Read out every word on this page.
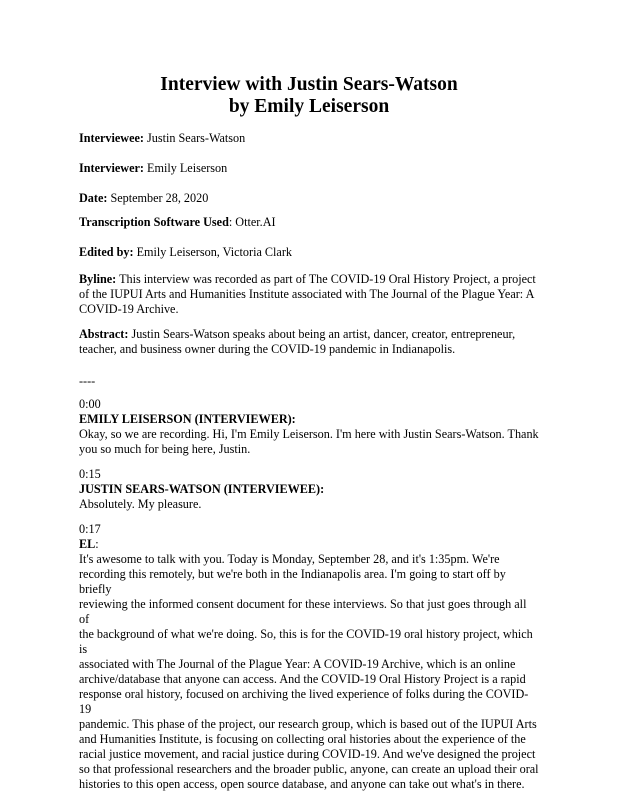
Interview with Justin Sears-Watson
by Emily Leiserson

Interviewee: Justin Sears-Watson

Interviewer: Emily Leiserson

Date: September 28, 2020

Transcription Software Used: Otter.AI

Edited by: Emily Leiserson, Victoria Clark

Byline: This interview was recorded as part of The COVID-19 Oral History Project, a project
of the IUPUI Arts and Humanities Institute associated with The Journal of the Plague Year: A
COVID-19 Archive.
Abstract: Justin Sears-Watson speaks about being an artist, dancer, creator, entrepreneur,
teacher, and business owner during the COVID-19 pandemic in Indianapolis.

----

0:00
EMILY LEISERSON (INTERVIEWER):
Okay, so we are recording. Hi, I'm Emily Leiserson. I'm here with Justin Sears-Watson. Thank
you so much for being here, Justin.
0:15
JUSTIN SEARS-WATSON (INTERVIEWEE):
Absolutely. My pleasure.
0:17
EL:
It's awesome to talk with you. Today is Monday, September 28, and it's 1:35pm. We're
recording this remotely, but we're both in the Indianapolis area. I'm going to start off by briefly
reviewing the informed consent document for these interviews. So that just goes through all of
the background of what we're doing. So, this is for the COVID-19 oral history project, which is
associated with The Journal of the Plague Year: A COVID-19 Archive, which is an online
archive/database that anyone can access. And the COVID-19 Oral History Project is a rapid
response oral history, focused on archiving the lived experience of folks during the COVID-19
pandemic. This phase of the project, our research group, which is based out of the IUPUI Arts
and Humanities Institute, is focusing on collecting oral histories about the experience of the
racial justice movement, and racial justice during COVID-19. And we've designed the project
so that professional researchers and the broader public, anyone, can create an upload their oral
histories to this open access, open source database, and anyone can take out what's in there.
